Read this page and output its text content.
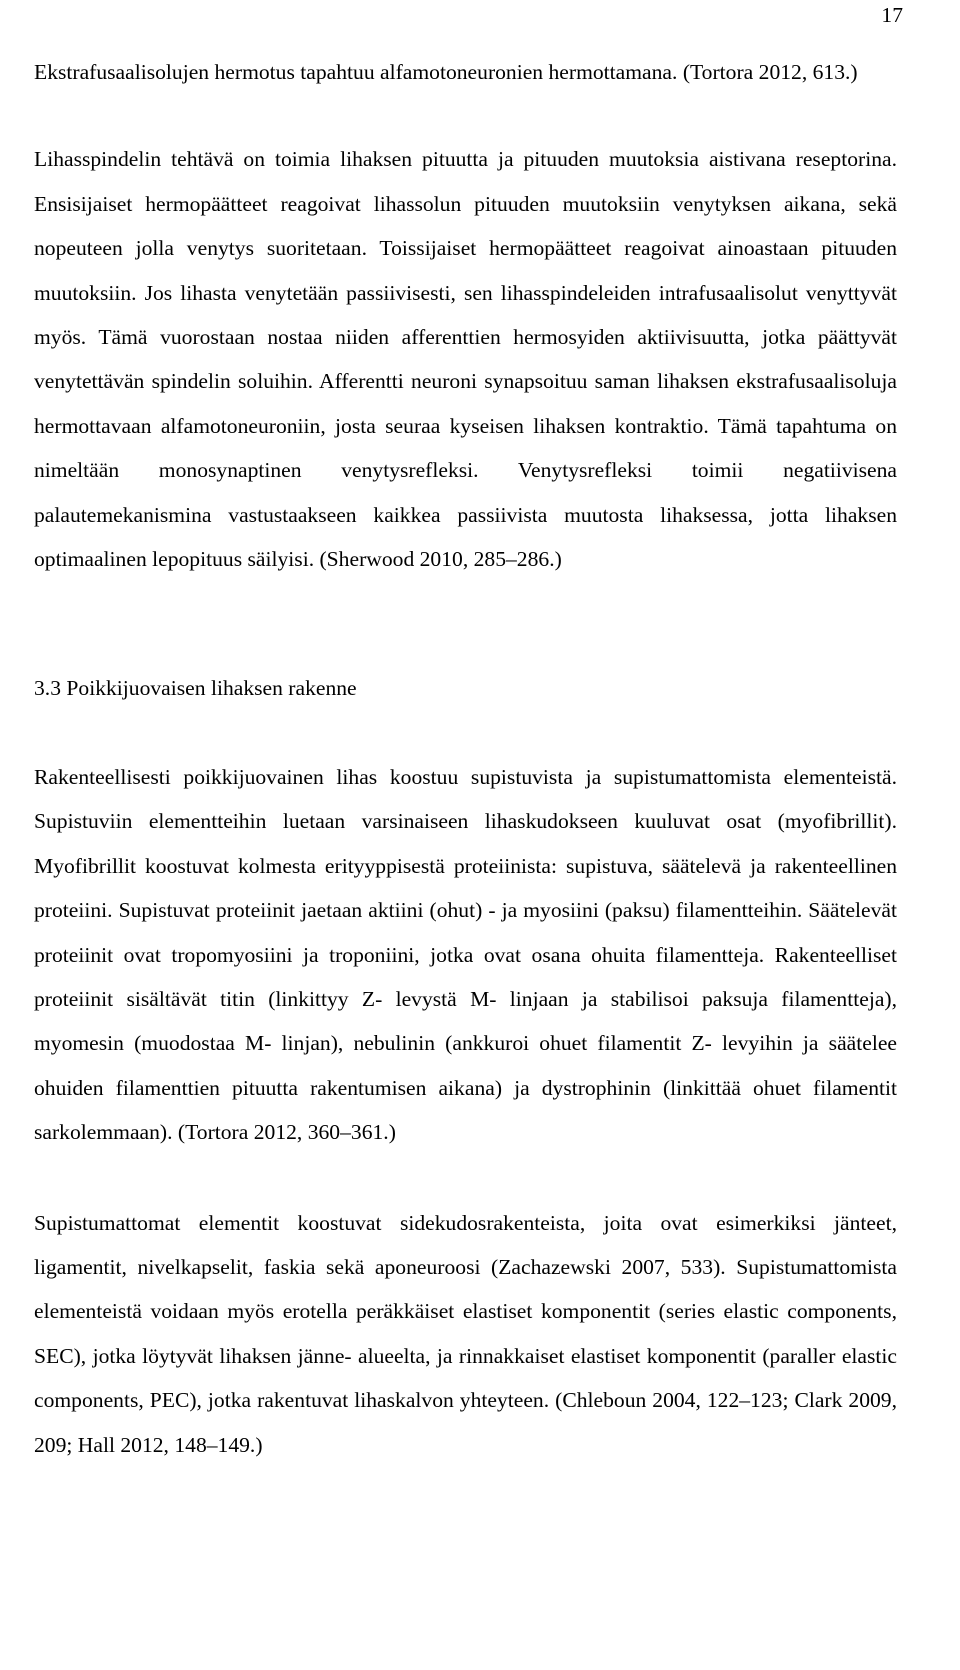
17

Ekstrafusaalisolujen hermotus tapahtuu alfamotoneuronien hermottamana. (Tortora 2012, 613.)

Lihasspindelin tehtävä on toimia lihaksen pituutta ja pituuden muutoksia aistivana reseptorina. Ensisijaiset hermopäätteet reagoivat lihassolun pituuden muutoksiin venytyksen aikana, sekä nopeuteen jolla venytys suoritetaan. Toissijaiset hermopäätteet reagoivat ainoastaan pituuden muutoksiin. Jos lihasta venytetään passiivisesti, sen lihasspindeleiden intrafusaalisolut venyttyvät myös. Tämä vuorostaan nostaa niiden afferenttien hermosyiden aktiivisuutta, jotka päättyvät venytettävän spindelin soluihin. Afferentti neuroni synapsoituu saman lihaksen ekstrafusaalisoluja hermottavaan alfamotoneuroniin, josta seuraa kyseisen lihaksen kontraktio. Tämä tapahtuma on nimeltään monosynaptinen venytysrefleksi. Venytysrefleksi toimii negatiivisena palautemekanismina vastustaakseen kaikkea passiivista muutosta lihaksessa, jotta lihaksen optimaalinen lepopituus säilyisi. (Sherwood 2010, 285–286.)

3.3 Poikkijuovaisen lihaksen rakenne

Rakenteellisesti poikkijuovainen lihas koostuu supistuvista ja supistumattomista elementeistä. Supistuviin elementteihin luetaan varsinaiseen lihaskudokseen kuuluvat osat (myofibrillit). Myofibrillit koostuvat kolmesta erityyppisestä proteiinista: supistuva, säätelevä ja rakenteellinen proteiini. Supistuvat proteiinit jaetaan aktiini (ohut) - ja myosiini (paksu) filamentteihin. Säätelevät proteiinit ovat tropomyosiini ja troponiini, jotka ovat osana ohuita filamentteja. Rakenteelliset proteiinit sisältävät titin (linkittyy Z- levystä M- linjaan ja stabilisoi paksuja filamentteja), myomesin (muodostaa M- linjan), nebulinin (ankkuroi ohuet filamentit Z- levyihin ja säätelee ohuiden filamenttien pituutta rakentumisen aikana) ja dystrophinin (linkittää ohuet filamentit sarkolemmaan). (Tortora 2012, 360–361.)

Supistumattomat elementit koostuvat sidekudosrakenteista, joita ovat esimerkiksi jänteet, ligamentit, nivelkapselit, faskia sekä aponeuroosi (Zachazewski 2007, 533). Supistumattomista elementeistä voidaan myös erotella peräkkäiset elastiset komponentit (series elastic components, SEC), jotka löytyvät lihaksen jänne- alueelta, ja rinnakkaiset elastiset komponentit (paraller elastic components, PEC), jotka rakentuvat lihaskalvon yhteyteen. (Chleboun 2004, 122–123; Clark 2009, 209; Hall 2012, 148–149.)
